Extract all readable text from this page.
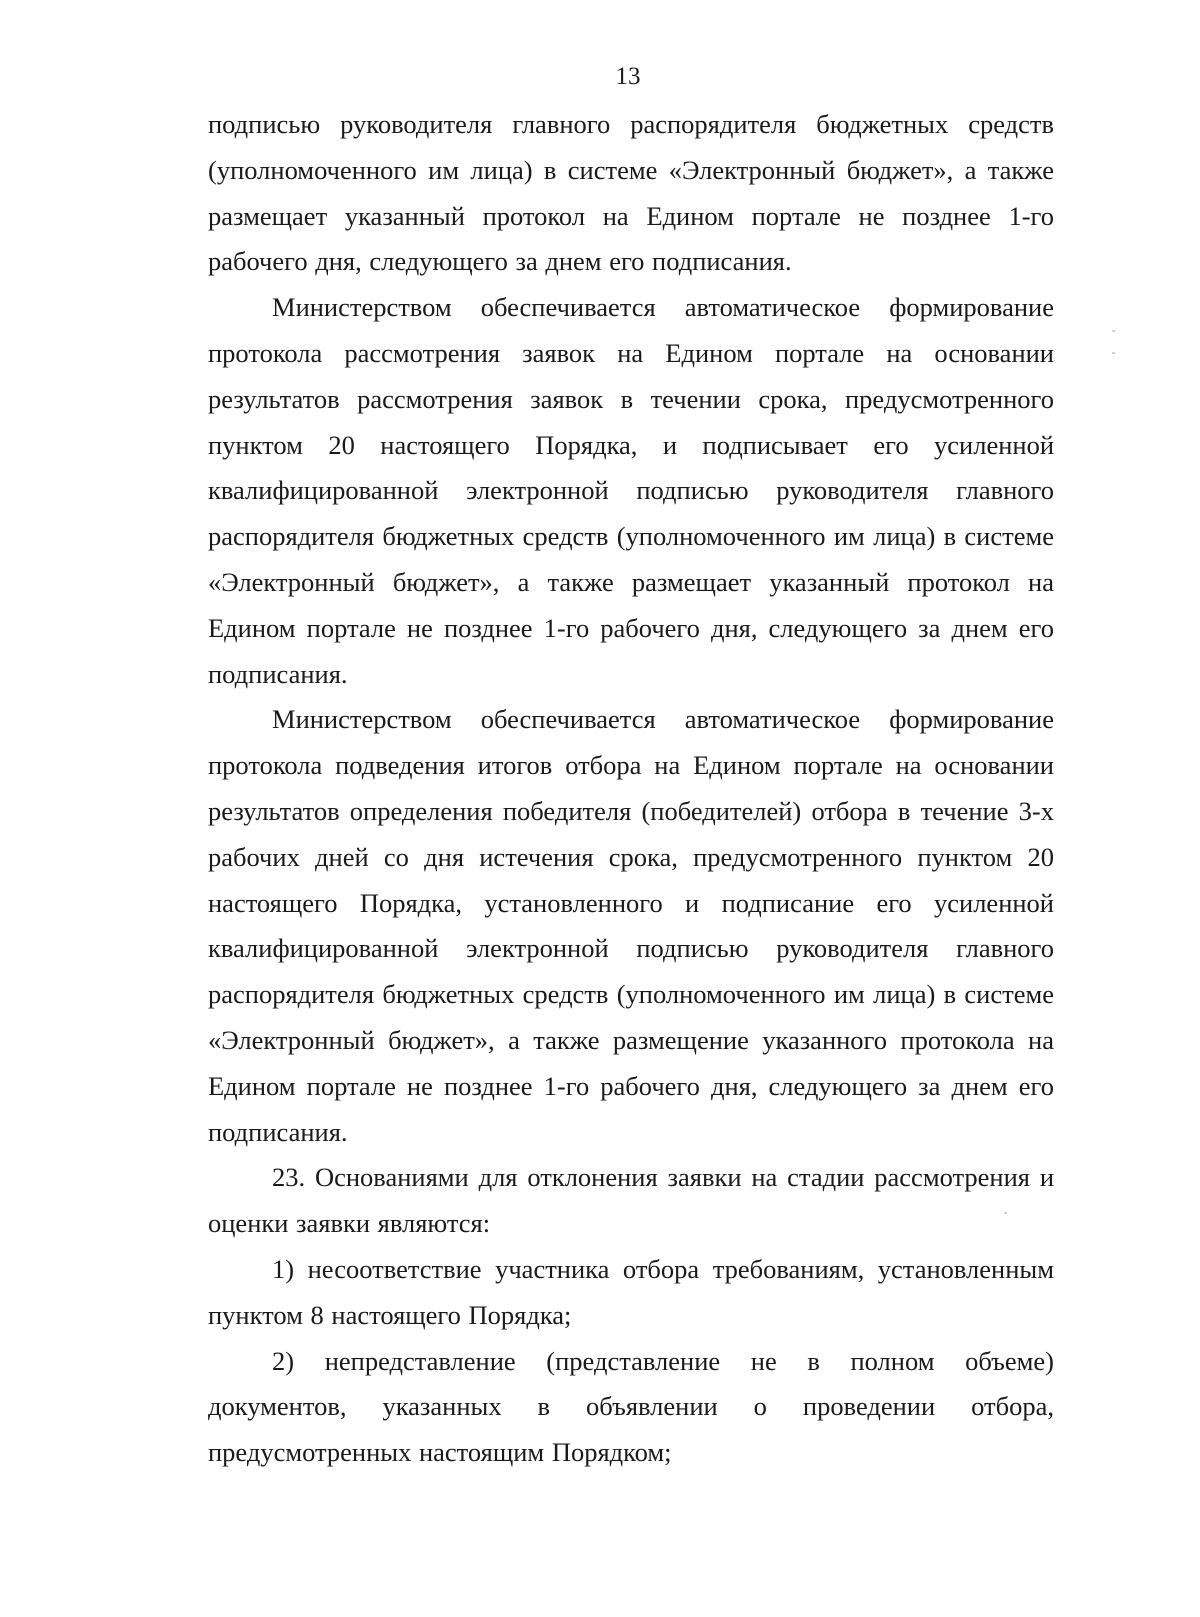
13

подписью руководителя главного распорядителя бюджетных средств (уполномоченного им лица) в системе «Электронный бюджет», а также размещает указанный протокол на Едином портале не позднее 1-го рабочего дня, следующего за днем его подписания.

Министерством обеспечивается автоматическое формирование протокола рассмотрения заявок на Едином портале на основании результатов рассмотрения заявок в течении срока, предусмотренного пунктом 20 настоящего Порядка, и подписывает его усиленной квалифицированной электронной подписью руководителя главного распорядителя бюджетных средств (уполномоченного им лица) в системе «Электронный бюджет», а также размещает указанный протокол на Едином портале не позднее 1-го рабочего дня, следующего за днем его подписания.

Министерством обеспечивается автоматическое формирование протокола подведения итогов отбора на Едином портале на основании результатов определения победителя (победителей) отбора в течение 3-х рабочих дней со дня истечения срока, предусмотренного пунктом 20 настоящего Порядка, установленного и подписание его усиленной квалифицированной электронной подписью руководителя главного распорядителя бюджетных средств (уполномоченного им лица) в системе «Электронный бюджет», а также размещение указанного протокола на Едином портале не позднее 1-го рабочего дня, следующего за днем его подписания.

23. Основаниями для отклонения заявки на стадии рассмотрения и оценки заявки являются:

1) несоответствие участника отбора требованиям, установленным пунктом 8 настоящего Порядка;

2) непредставление (представление не в полном объеме) документов, указанных в объявлении о проведении отбора, предусмотренных настоящим Порядком;
